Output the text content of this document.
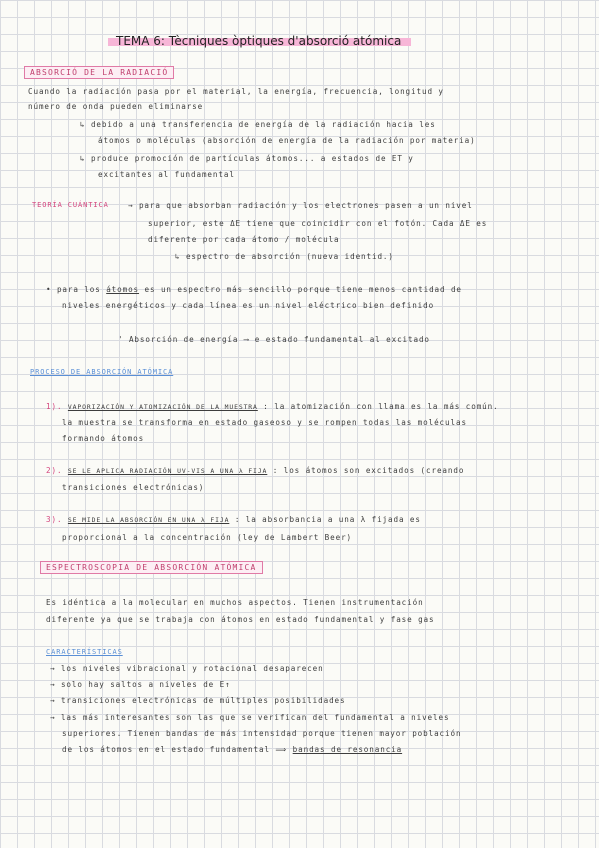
TEMA 6: Tècniques òptiques d'absorció atómica
ABSORCIÓ DE LA RADIACIÓ
Cuando la radiación pasa por el material, la energía, frecuencia, longitud y
número de onda pueden eliminarse
↳ debido a una transferencia de energía de la radiación hacia les
átomos o moléculas (absorción de energía de la radiación por materia)
↳ produce promoción de partículas átomos... a estados de ET y
excitantes al fundamental
TEORÍA CUÁNTICA	→ para que absorban radiación y los electrones pasen a un nivel
superior, este ΔE tiene que coincidir con el fotón. Cada ΔE es
diferente por cada átomo / molécula
↳ espectro de absorción (nueva identid.)
• para los átomos es un espectro más sencillo porque tiene menos cantidad de
niveles energéticos y cada línea es un nivel eléctrico bien definido
' Absorción de energía ⟶ e estado fundamental al excitado
PROCESO DE ABSORCIÓN ATÓMICA
1). VAPORIZACIÓN Y ATOMIZACIÓN DE LA MUESTRA : la atomización con llama es la más común.
la muestra se transforma en estado gaseoso y se rompen todas las moléculas
formando átomos
2). SE LE APLICA RADIACIÓN UV-VIS A UNA λ FIJA : los átomos son excitados (creando
transiciones electrónicas)
3). SE MIDE LA ABSORCIÓN EN UNA λ FIJA : la absorbancia a una λ fijada es
proporcional a la concentración (ley de Lambert Beer)
ESPECTROSCOPIA DE ABSORCIÓN ATÓMICA
Es idéntica a la molecular en muchos aspectos. Tienen instrumentación
diferente ya que se trabaja con átomos en estado fundamental y fase gas
CARACTERÍSTICAS
→ los niveles vibracional y rotacional desaparecen
→ solo hay saltos a niveles de E↑
→ transiciones electrónicas de múltiples posibilidades
→ las más interesantes son las que se verifican del fundamental a niveles
superiores. Tienen bandas de más intensidad porque tienen mayor población
de los átomos en el estado fundamental ⟹ bandas de resonancia
